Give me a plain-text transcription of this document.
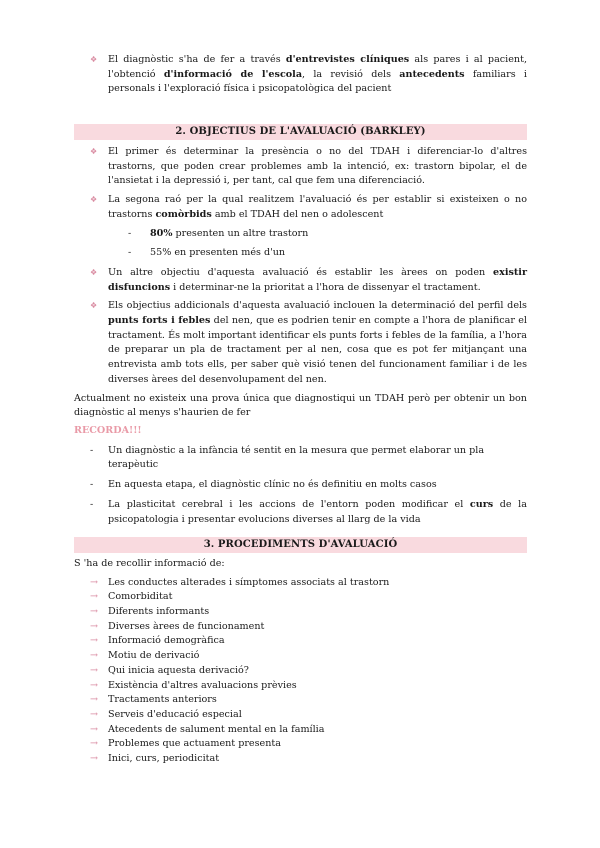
❖ El diagnòstic s'ha de fer a través d'entrevistes clíniques als pares i al pacient, l'obtenció d'informació de l'escola, la revisió dels antecedents familiars i personals i l'exploració física i psicopatològica del pacient
2. OBJECTIUS DE L'AVALUACIÓ (BARKLEY)
❖ El primer és determinar la presència o no del TDAH i diferenciar-lo d'altres trastorns, que poden crear problemes amb la intenció, ex: trastorn bipolar, el de l'ansietat i la depressió i, per tant, cal que fem una diferenciació.
❖ La segona raó per la qual realitzem l'avaluació és per establir si existeixen o no trastorns comòrbids amb el TDAH del nen o adolescent
- 80% presenten un altre trastorn
- 55% en presenten més d'un
❖ Un altre objectiu d'aquesta avaluació és establir les àrees on poden existir disfuncions i determinar-ne la prioritat a l'hora de dissenyar el tractament.
❖ Els objectius addicionals d'aquesta avaluació inclouen la determinació del perfil dels punts forts i febles del nen, que es podrien tenir en compte a l'hora de planificar el tractament. És molt important identificar els punts forts i febles de la família, a l'hora de preparar un pla de tractament per al nen, cosa que es pot fer mitjançant una entrevista amb tots ells, per saber què visió tenen del funcionament familiar i de les diverses àrees del desenvolupament del nen.

Actualment no existeix una prova única que diagnostiqui un TDAH però per obtenir un bon diagnòstic al menys s'haurien de fer

RECORDA!!!

- Un diagnòstic a la infància té sentit en la mesura que permet elaborar un pla terapèutic
- En aquesta etapa, el diagnòstic clínic no és definitiu en molts casos
- La plasticitat cerebral i les accions de l'entorn poden modificar el curs de la psicopatologia i presentar evolucions diverses al llarg de la vida
3. PROCEDIMENTS D'AVALUACIÓ

S 'ha de recollir informació de:

→ Les conductes alterades i símptomes associats al trastorn
→ Comorbiditat
→ Diferents informants
→ Diverses àrees de funcionament
→ Informació demogràfica
→ Motiu de derivació
→ Qui inicia aquesta derivació?
→ Existència d'altres avaluacions prèvies
→ Tractaments anteriors
→ Serveis d'educació especial
→ Atecedents de salument mental en la família
→ Problemes que actuament presenta
→ Inici, curs, periodicitat
